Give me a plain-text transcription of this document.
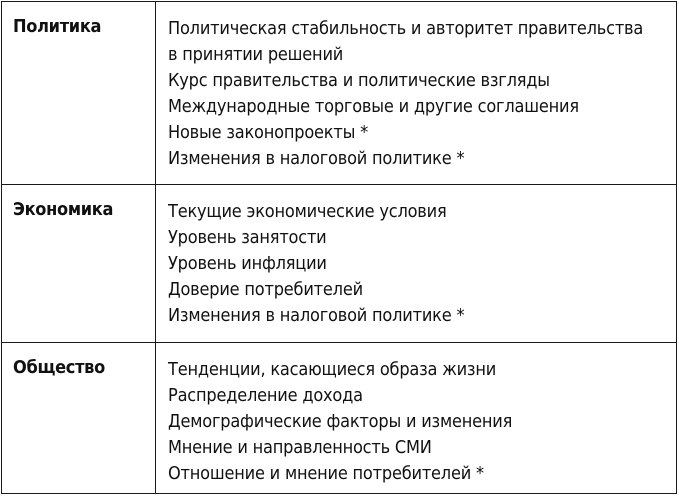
Политика	Политическая стабильность и авторитет правительства
в принятии решений
Курс правительства и политические взгляды
Международные торговые и другие соглашения
Новые законопроекты *
Изменения в налоговой политике *
Экономика	Текущие экономические условия
Уровень занятости
Уровень инфляции
Доверие потребителей
Изменения в налоговой политике *
Общество	Тенденции, касающиеся образа жизни
Распределение дохода
Демографические факторы и изменения
Мнение и направленность СМИ
Отношение и мнение потребителей *
